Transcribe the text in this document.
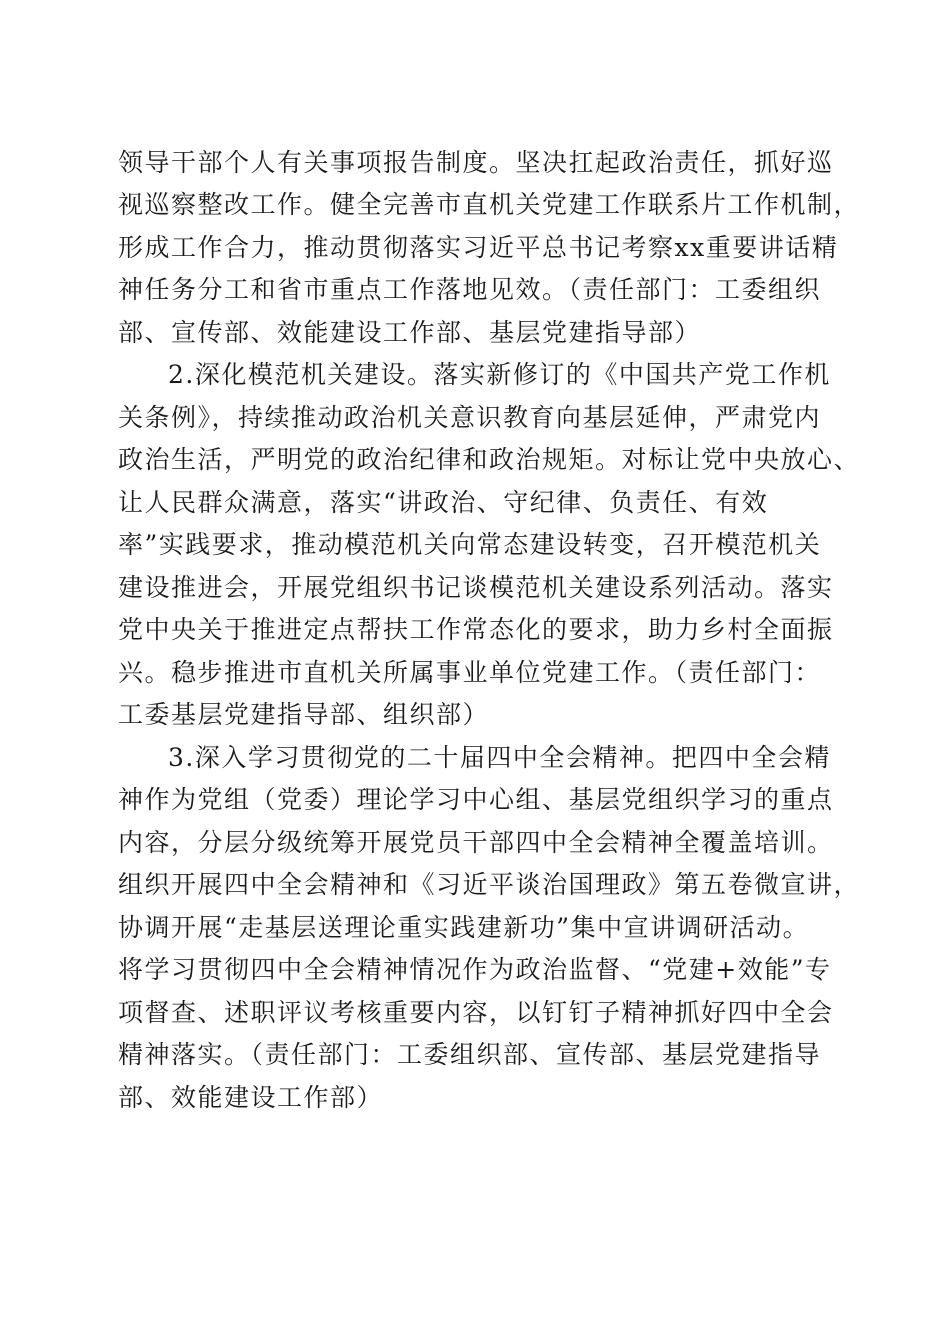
领导干部个人有关事项报告制度。坚决扛起政治责任，抓好巡
视巡察整改工作。健全完善市直机关党建工作联系片工作机制，
形成工作合力，推动贯彻落实习近平总书记考察xx重要讲话精
神任务分工和省市重点工作落地见效。（责任部门：工委组织
部、宣传部、效能建设工作部、基层党建指导部）
2.深化模范机关建设。落实新修订的《中国共产党工作机
关条例》，持续推动政治机关意识教育向基层延伸，严肃党内
政治生活，严明党的政治纪律和政治规矩。对标让党中央放心、
让人民群众满意，落实“讲政治、守纪律、负责任、有效
率”实践要求，推动模范机关向常态建设转变，召开模范机关
建设推进会，开展党组织书记谈模范机关建设系列活动。落实
党中央关于推进定点帮扶工作常态化的要求，助力乡村全面振
兴。稳步推进市直机关所属事业单位党建工作。（责任部门：
工委基层党建指导部、组织部）
3.深入学习贯彻党的二十届四中全会精神。把四中全会精
神作为党组（党委）理论学习中心组、基层党组织学习的重点
内容，分层分级统筹开展党员干部四中全会精神全覆盖培训。
组织开展四中全会精神和《习近平谈治国理政》第五卷微宣讲，
协调开展“走基层送理论重实践建新功”集中宣讲调研活动。
将学习贯彻四中全会精神情况作为政治监督、“党建+效能”专
项督查、述职评议考核重要内容，以钉钉子精神抓好四中全会
精神落实。（责任部门：工委组织部、宣传部、基层党建指导
部、效能建设工作部）
